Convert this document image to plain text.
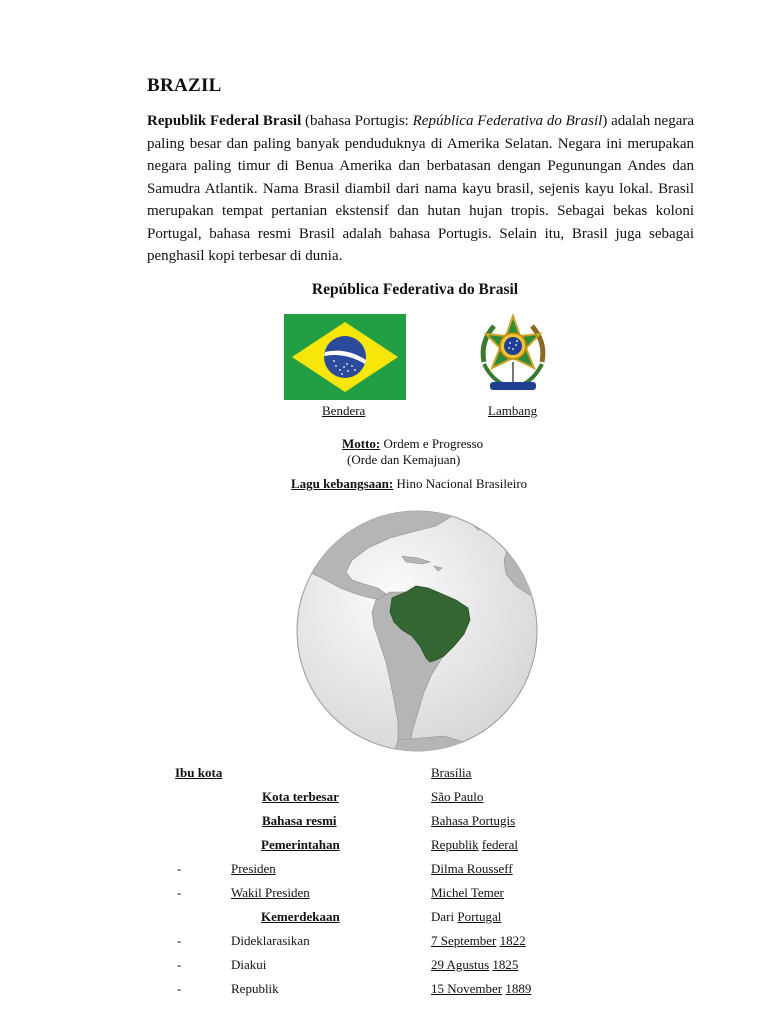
BRAZIL

Republik Federal Brasil (bahasa Portugis: República Federativa do Brasil) adalah negara paling besar dan paling banyak penduduknya di Amerika Selatan. Negara ini merupakan negara paling timur di Benua Amerika dan berbatasan dengan Pegunungan Andes dan Samudra Atlantik. Nama Brasil diambil dari nama kayu brasil, sejenis kayu lokal. Brasil merupakan tempat pertanian ekstensif dan hutan hujan tropis. Sebagai bekas koloni Portugal, bahasa resmi Brasil adalah bahasa Portugis. Selain itu, Brasil juga sebagai penghasil kopi terbesar di dunia.

República Federativa do Brasil
Bendera	Lambang
Motto: Ordem e Progresso
(Orde dan Kemajuan)
Lagu kebangsaan: Hino Nacional Brasileiro
Ibu kota	Brasília
Kota terbesar	São Paulo
Bahasa resmi	Bahasa Portugis
Pemerintahan	Republik federal
-	Presiden	Dilma Rousseff
-	Wakil Presiden	Michel Temer
Kemerdekaan	Dari Portugal
-	Dideklarasikan	7 September 1822
-	Diakui	29 Agustus 1825
-	Republik	15 November 1889
